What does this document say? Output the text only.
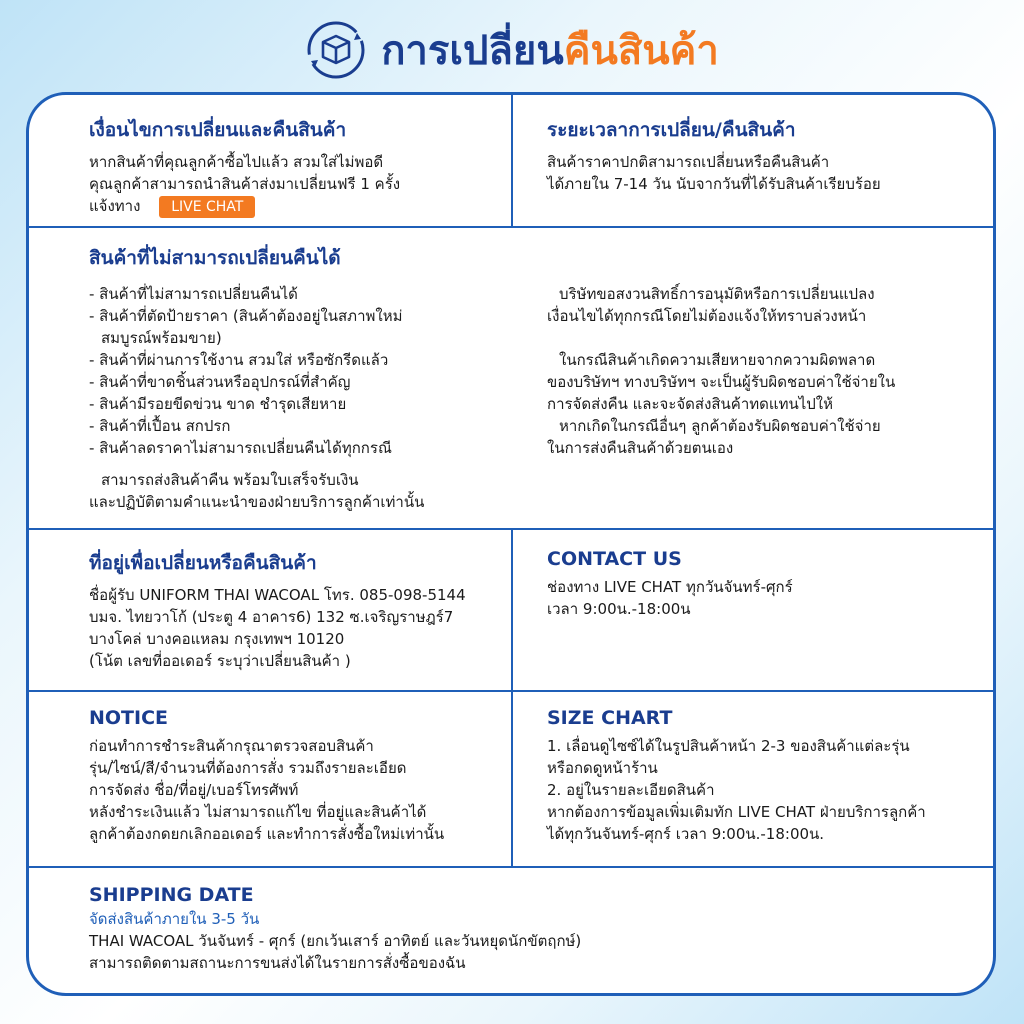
การเปลี่ยนคืนสินค้า
เงื่อนไขการเปลี่ยนและคืนสินค้า
หากสินค้าที่คุณลูกค้าซื้อไปแล้ว สวมใส่ไม่พอดี
คุณลูกค้าสามารถนำสินค้าส่งมาเปลี่ยนฟรี 1 ครั้ง
แจ้งทาง LIVE CHAT
ระยะเวลาการเปลี่ยน/คืนสินค้า
สินค้าราคาปกติสามารถเปลี่ยนหรือคืนสินค้า
ได้ภายใน 7-14 วัน นับจากวันที่ได้รับสินค้าเรียบร้อย
สินค้าที่ไม่สามารถเปลี่ยนคืนได้
- สินค้าที่ไม่สามารถเปลี่ยนคืนได้
- สินค้าที่ตัดป้ายราคา (สินค้าต้องอยู่ในสภาพใหม่
สมบูรณ์พร้อมขาย)
- สินค้าที่ผ่านการใช้งาน สวมใส่ หรือซักรีดแล้ว
- สินค้าที่ขาดชิ้นส่วนหรืออุปกรณ์ที่สำคัญ
- สินค้ามีรอยขีดข่วน ขาด ชำรุดเสียหาย
- สินค้าที่เปื้อน สกปรก
- สินค้าลดราคาไม่สามารถเปลี่ยนคืนได้ทุกกรณี
สามารถส่งสินค้าคืน พร้อมใบเสร็จรับเงิน
และปฏิบัติตามคำแนะนำของฝ่ายบริการลูกค้าเท่านั้น
บริษัทขอสงวนสิทธิ์การอนุมัติหรือการเปลี่ยนแปลง
เงื่อนไขได้ทุกกรณีโดยไม่ต้องแจ้งให้ทราบล่วงหน้า
ในกรณีสินค้าเกิดความเสียหายจากความผิดพลาด
ของบริษัทฯ ทางบริษัทฯ จะเป็นผู้รับผิดชอบค่าใช้จ่ายใน
การจัดส่งคืน และจะจัดส่งสินค้าทดแทนไปให้
หากเกิดในกรณีอื่นๆ ลูกค้าต้องรับผิดชอบค่าใช้จ่าย
ในการส่งคืนสินค้าด้วยตนเอง
ที่อยู่เพื่อเปลี่ยนหรือคืนสินค้า
ชื่อผู้รับ UNIFORM THAI WACOAL โทร. 085-098-5144
บมจ. ไทยวาโก้ (ประตู 4 อาคาร6) 132 ซ.เจริญราษฎร์7
บางโคล่ บางคอแหลม กรุงเทพฯ 10120
(โน้ต เลขที่ออเดอร์ ระบุว่าเปลี่ยนสินค้า )
CONTACT US
ช่องทาง LIVE CHAT ทุกวันจันทร์-ศุกร์
เวลา 9:00น.-18:00น
NOTICE
ก่อนทำการชำระสินค้ากรุณาตรวจสอบสินค้า
รุ่น/ไซน์/สี/จำนวนที่ต้องการสั่ง รวมถึงรายละเอียด
การจัดส่ง ชื่อ/ที่อยู่/เบอร์โทรศัพท์
หลังชำระเงินแล้ว ไม่สามารถแก้ไข ที่อยู่และสินค้าได้
ลูกค้าต้องกดยกเลิกออเดอร์ และทำการสั่งซื้อใหม่เท่านั้น
SIZE CHART
1. เลื่อนดูไซซ์ได้ในรูปสินค้าหน้า 2-3 ของสินค้าแต่ละรุ่น
หรือกดดูหน้าร้าน
2. อยู่ในรายละเอียดสินค้า
หากต้องการข้อมูลเพิ่มเติมทัก LIVE CHAT ฝ่ายบริการลูกค้า
ได้ทุกวันจันทร์-ศุกร์ เวลา 9:00น.-18:00น.
SHIPPING DATE
จัดส่งสินค้าภายใน 3-5 วัน
THAI WACOAL วันจันทร์ - ศุกร์ (ยกเว้นเสาร์ อาทิตย์ และวันหยุดนักขัตฤกษ์)
สามารถติดตามสถานะการขนส่งได้ในรายการสั่งซื้อของฉัน
